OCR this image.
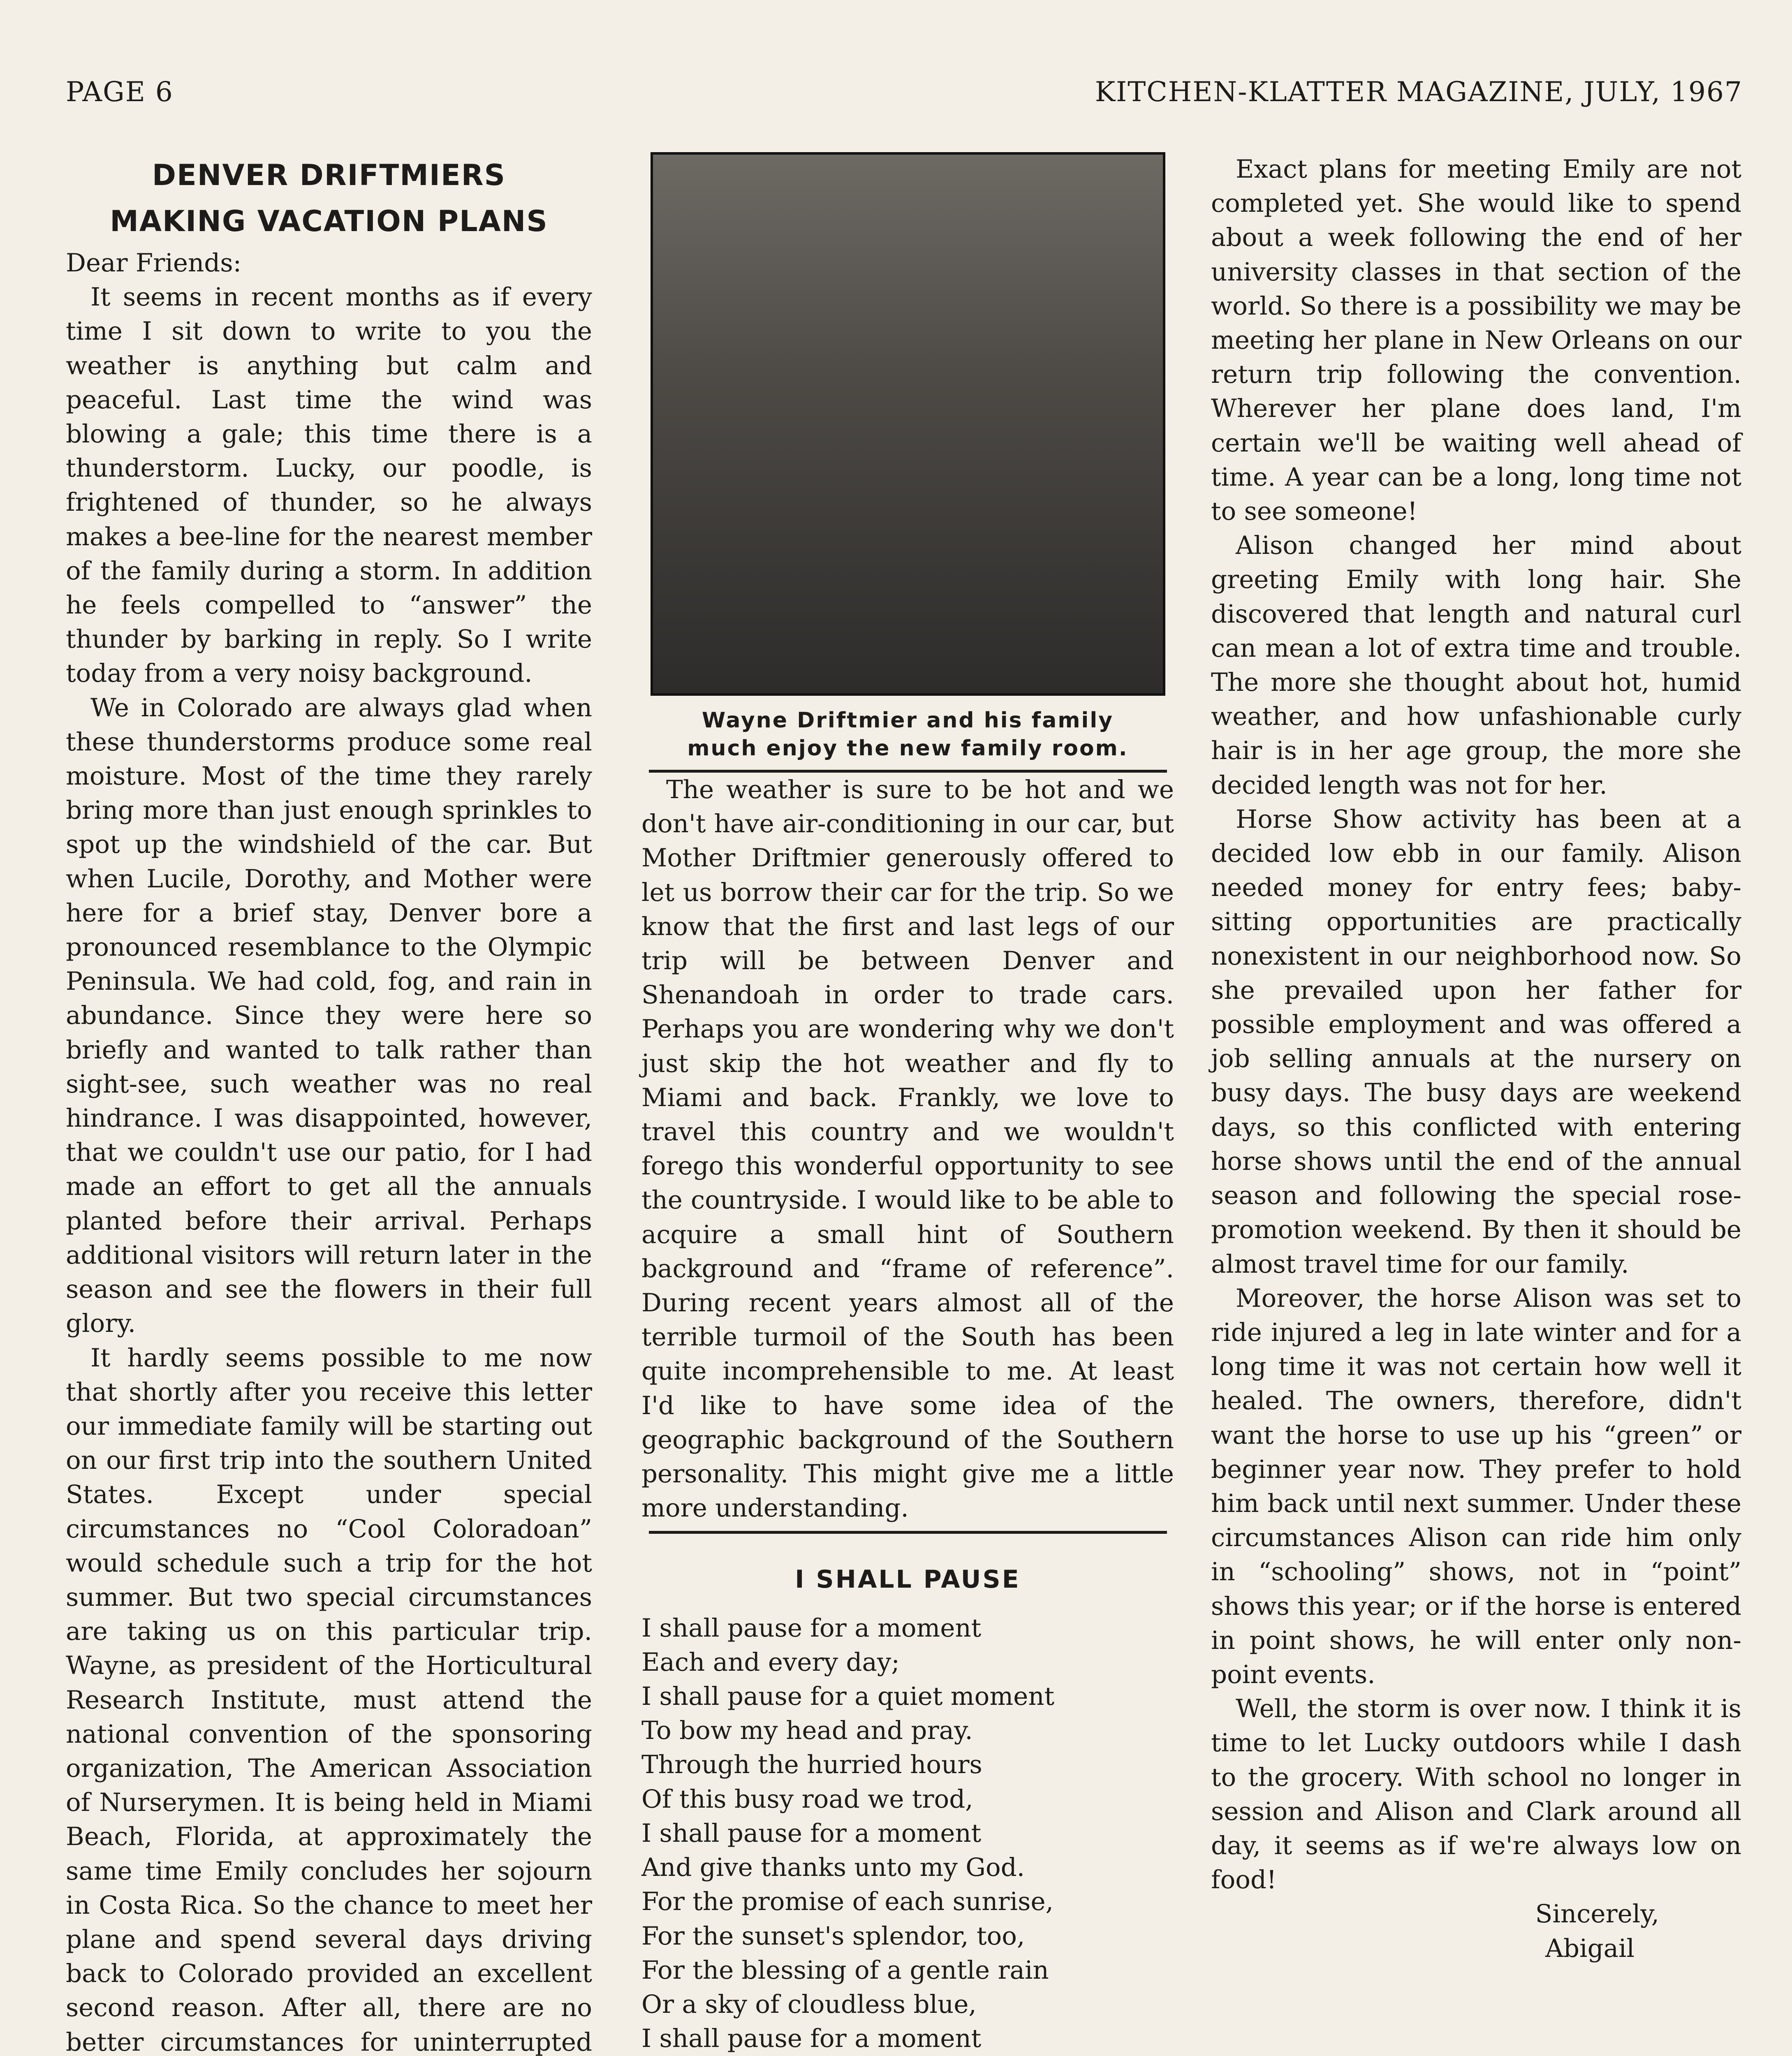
PAGE 6	KITCHEN-KLATTER MAGAZINE, JULY, 1967
DENVER DRIFTMIERS
MAKING VACATION PLANS

Dear Friends:

It seems in recent months as if every time I sit down to write to you the weather is anything but calm and peaceful. Last time the wind was blowing a gale; this time there is a thunderstorm. Lucky, our poodle, is frightened of thunder, so he always makes a bee-line for the nearest member of the family during a storm. In addition he feels compelled to “answer” the thunder by barking in reply. So I write today from a very noisy background.

We in Colorado are always glad when these thunderstorms produce some real moisture. Most of the time they rarely bring more than just enough sprinkles to spot up the windshield of the car. But when Lucile, Dorothy, and Mother were here for a brief stay, Denver bore a pronounced resemblance to the Olympic Peninsula. We had cold, fog, and rain in abundance. Since they were here so briefly and wanted to talk rather than sight-see, such weather was no real hindrance. I was disappointed, however, that we couldn't use our patio, for I had made an effort to get all the annuals planted before their arrival. Perhaps additional visitors will return later in the season and see the flowers in their full glory.

It hardly seems possible to me now that shortly after you receive this letter our immediate family will be starting out on our first trip into the southern United States. Except under special circumstances no “Cool Coloradoan” would schedule such a trip for the hot summer. But two special circumstances are taking us on this particular trip. Wayne, as president of the Horticultural Research Institute, must attend the national convention of the sponsoring organization, The American Association of Nurserymen. It is being held in Miami Beach, Florida, at approximately the same time Emily concludes her sojourn in Costa Rica. So the chance to meet her plane and spend several days driving back to Colorado provided an excellent second reason. After all, there are no better circumstances for uninterrupted

Wayne Driftmier and his family
much enjoy the new family room.

The weather is sure to be hot and we don't have air-conditioning in our car, but Mother Driftmier generously offered to let us borrow their car for the trip. So we know that the first and last legs of our trip will be between Denver and Shenandoah in order to trade cars. Perhaps you are wondering why we don't just skip the hot weather and fly to Miami and back. Frankly, we love to travel this country and we wouldn't forego this wonderful opportunity to see the countryside. I would like to be able to acquire a small hint of Southern background and “frame of reference”. During recent years almost all of the terrible turmoil of the South has been quite incomprehensible to me. At least I'd like to have some idea of the geographic background of the Southern personality. This might give me a little more understanding.

I SHALL PAUSE
I shall pause for a moment
Each and every day;
I shall pause for a quiet moment
To bow my head and pray.
Through the hurried hours
Of this busy road we trod,
I shall pause for a moment
And give thanks unto my God.
For the promise of each sunrise,
For the sunset's splendor, too,
For the blessing of a gentle rain
Or a sky of cloudless blue,
I shall pause for a moment

Exact plans for meeting Emily are not completed yet. She would like to spend about a week following the end of her university classes in that section of the world. So there is a possibility we may be meeting her plane in New Orleans on our return trip following the convention. Wherever her plane does land, I'm certain we'll be waiting well ahead of time. A year can be a long, long time not to see someone!

Alison changed her mind about greeting Emily with long hair. She discovered that length and natural curl can mean a lot of extra time and trouble. The more she thought about hot, humid weather, and how unfashionable curly hair is in her age group, the more she decided length was not for her.

Horse Show activity has been at a decided low ebb in our family. Alison needed money for entry fees; baby-sitting opportunities are practically nonexistent in our neighborhood now. So she prevailed upon her father for possible employment and was offered a job selling annuals at the nursery on busy days. The busy days are weekend days, so this conflicted with entering horse shows until the end of the annual season and following the special rose-promotion weekend. By then it should be almost travel time for our family.

Moreover, the horse Alison was set to ride injured a leg in late winter and for a long time it was not certain how well it healed. The owners, therefore, didn't want the horse to use up his “green” or beginner year now. They prefer to hold him back until next summer. Under these circumstances Alison can ride him only in “schooling” shows, not in “point” shows this year; or if the horse is entered in point shows, he will enter only non-point events.

Well, the storm is over now. I think it is time to let Lucky outdoors while I dash to the grocery. With school no longer in session and Alison and Clark around all day, it seems as if we're always low on food!

Sincerely,
Abigail
